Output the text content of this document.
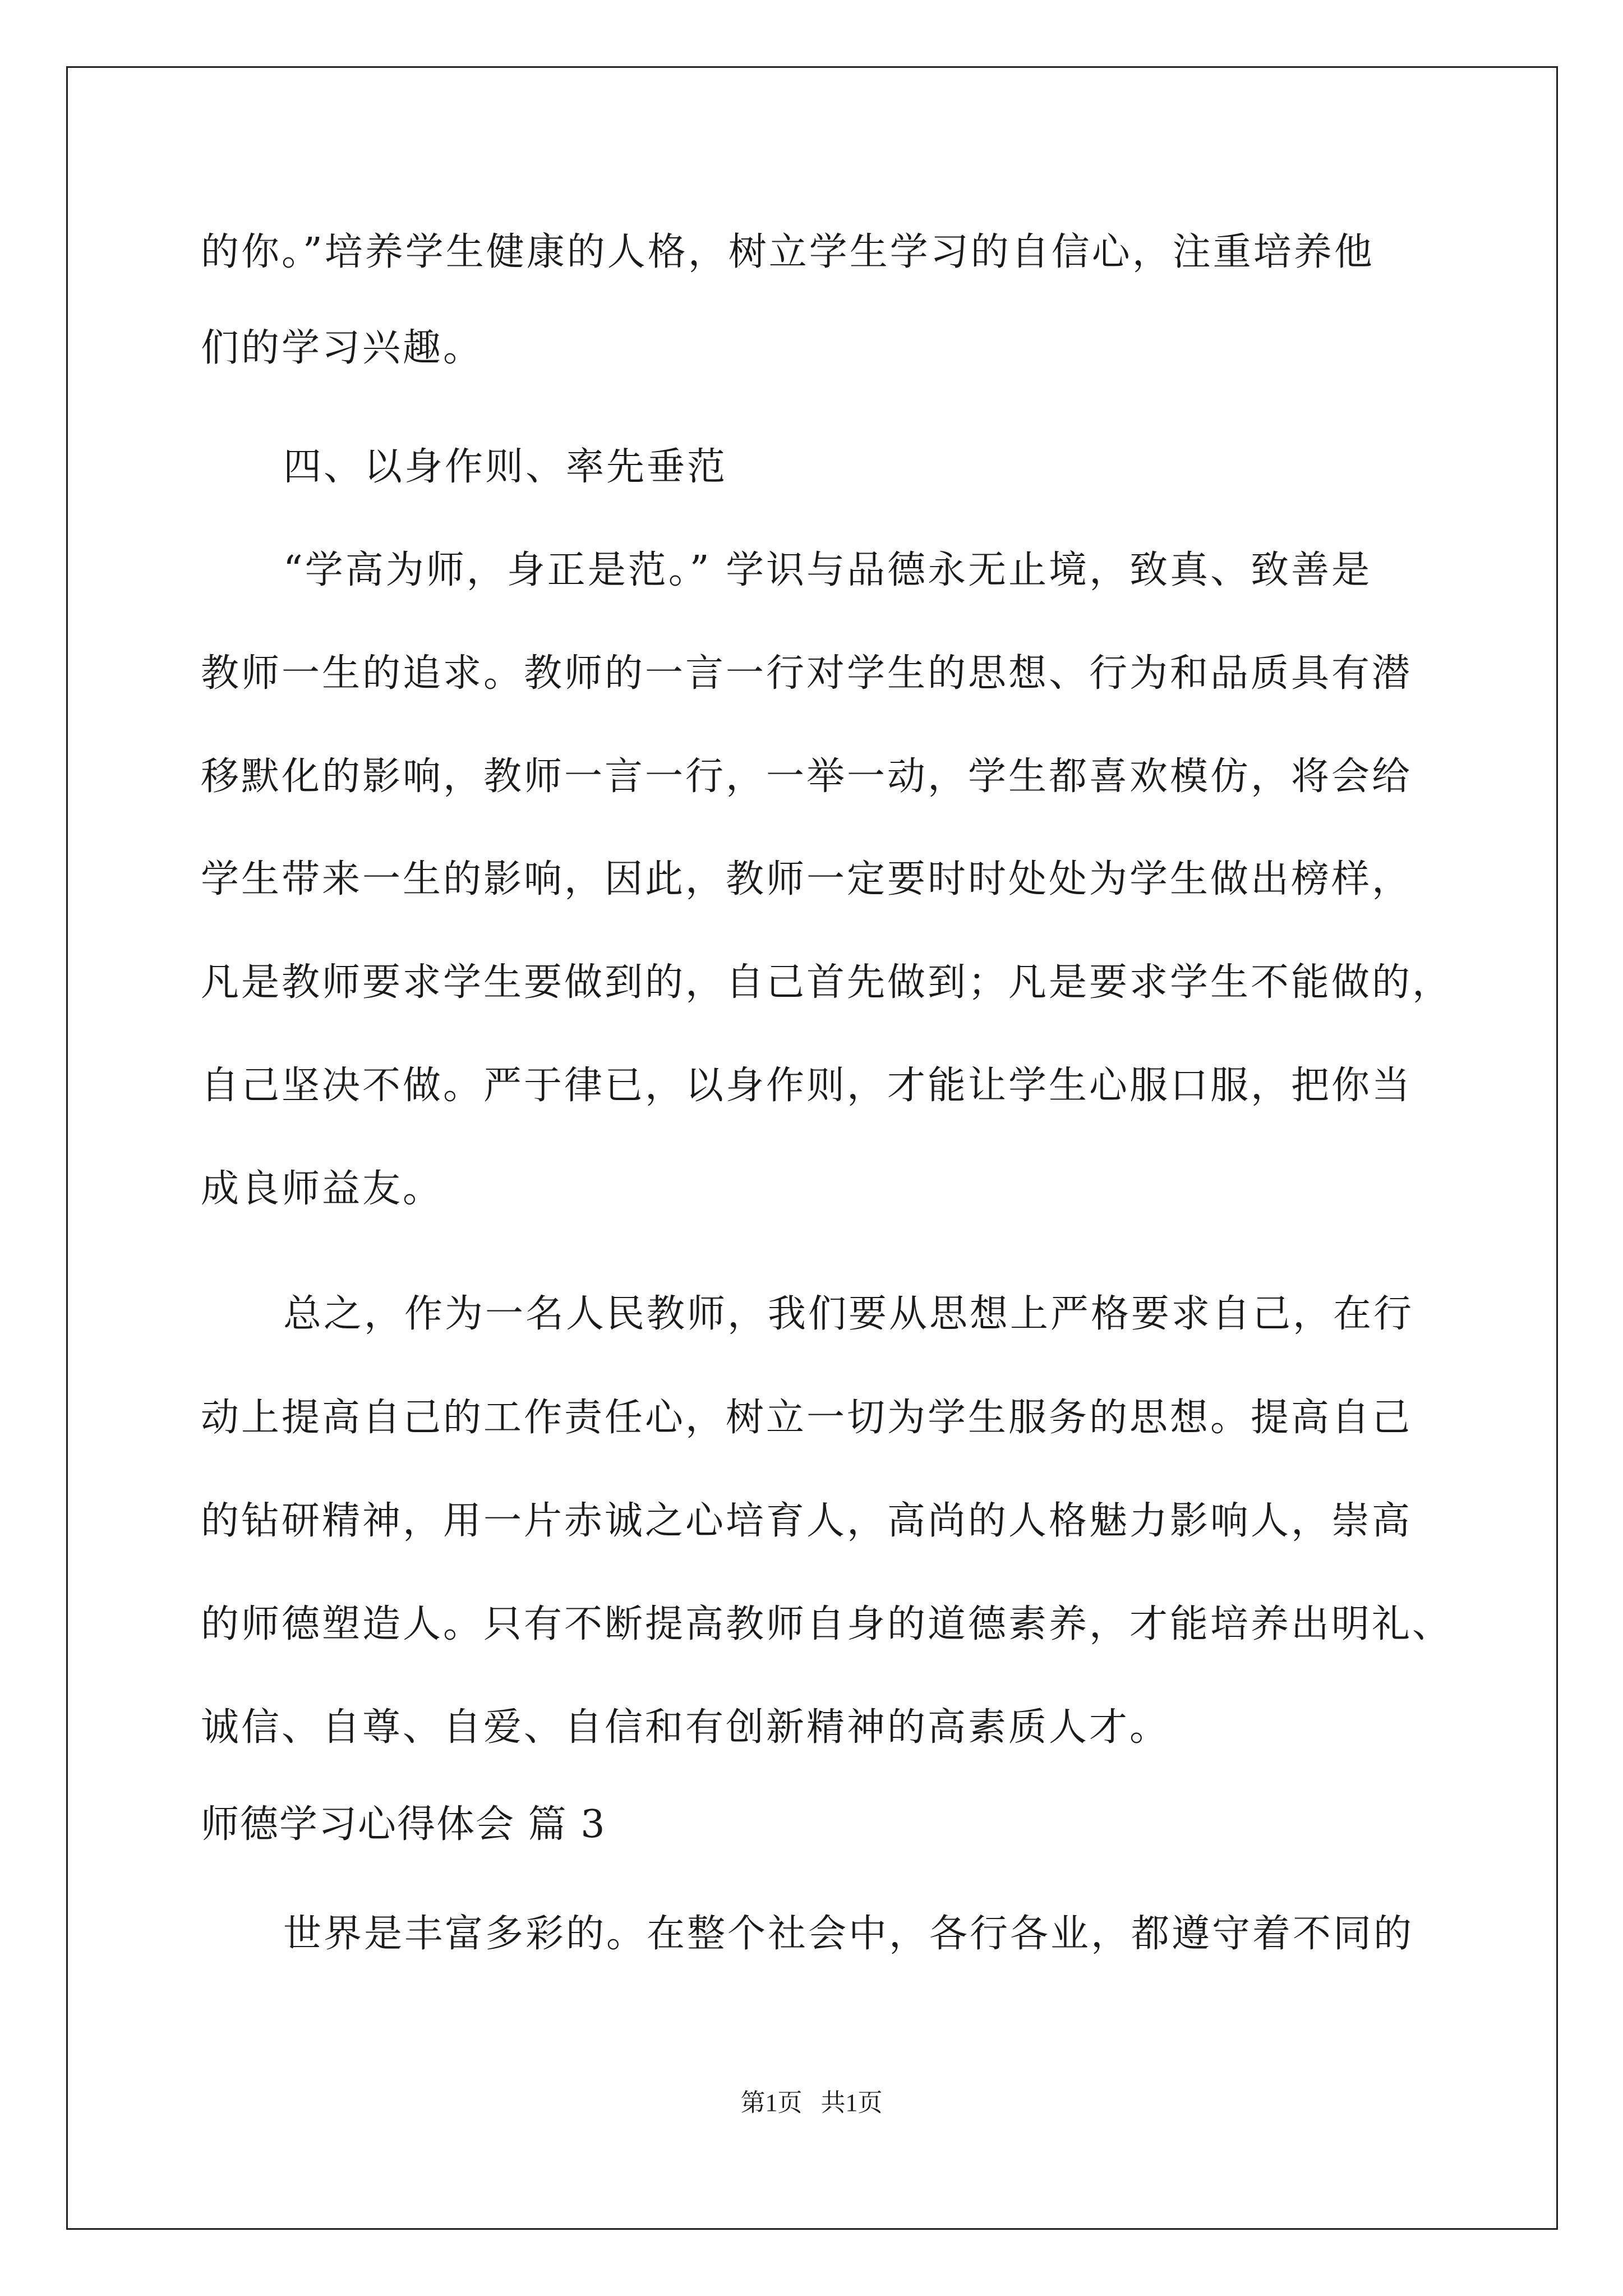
的你。”培养学生健康的人格，树立学生学习的自信心，注重培养他
们的学习兴趣。
四、以身作则、率先垂范
“学高为师，身正是范。” 学识与品德永无止境，致真、致善是
教师一生的追求。教师的一言一行对学生的思想、行为和品质具有潜
移默化的影响，教师一言一行，一举一动，学生都喜欢模仿，将会给
学生带来一生的影响，因此，教师一定要时时处处为学生做出榜样，
凡是教师要求学生要做到的，自己首先做到；凡是要求学生不能做的，
自己坚决不做。严于律已，以身作则，才能让学生心服口服，把你当
成良师益友。
总之，作为一名人民教师，我们要从思想上严格要求自己，在行
动上提高自己的工作责任心，树立一切为学生服务的思想。提高自己
的钻研精神，用一片赤诚之心培育人，高尚的人格魅力影响人，崇高
的师德塑造人。只有不断提高教师自身的道德素养，才能培养出明礼、
诚信、自尊、自爱、自信和有创新精神的高素质人才。
师德学习心得体会 篇 3
世界是丰富多彩的。在整个社会中，各行各业，都遵守着不同的
第1页   共1页
